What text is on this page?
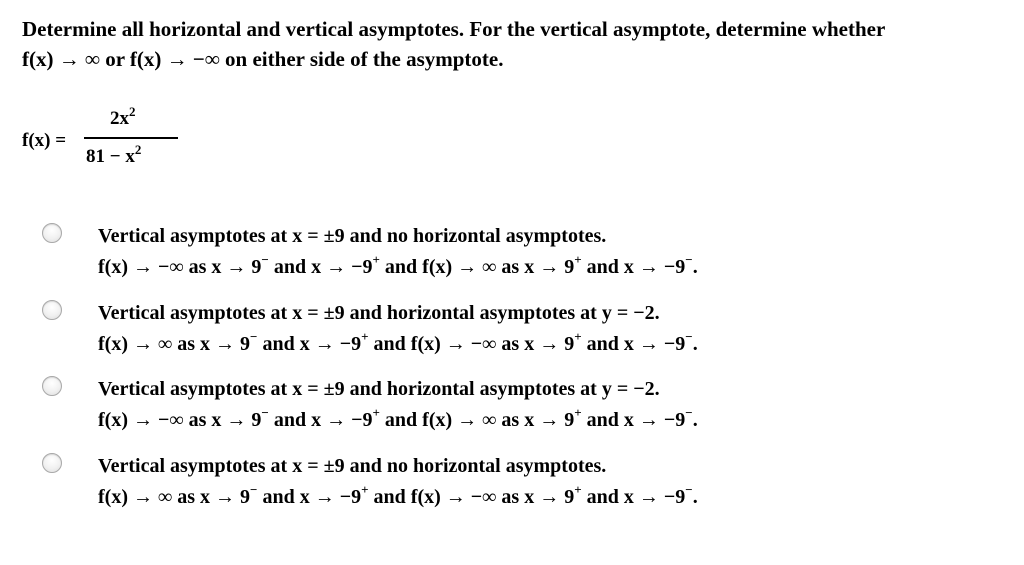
Determine all horizontal and vertical asymptotes. For the vertical asymptote, determine whether
f(x) → ∞ or f(x) → −∞ on either side of the asymptote.
f(x) =
$2x^2$
$81 - x^2$
Vertical asymptotes at x = ±9 and no horizontal asymptotes.
f(x) → −∞ as x → 9− and x → −9+ and f(x) → ∞ as x → 9+ and x → −9−.
Vertical asymptotes at x = ±9 and horizontal asymptotes at y = −2.
f(x) → ∞ as x → 9− and x → −9+ and f(x) → −∞ as x → 9+ and x → −9−.
Vertical asymptotes at x = ±9 and horizontal asymptotes at y = −2.
f(x) → −∞ as x → 9− and x → −9+ and f(x) → ∞ as x → 9+ and x → −9−.
Vertical asymptotes at x = ±9 and no horizontal asymptotes.
f(x) → ∞ as x → 9− and x → −9+ and f(x) → −∞ as x → 9+ and x → −9−.
